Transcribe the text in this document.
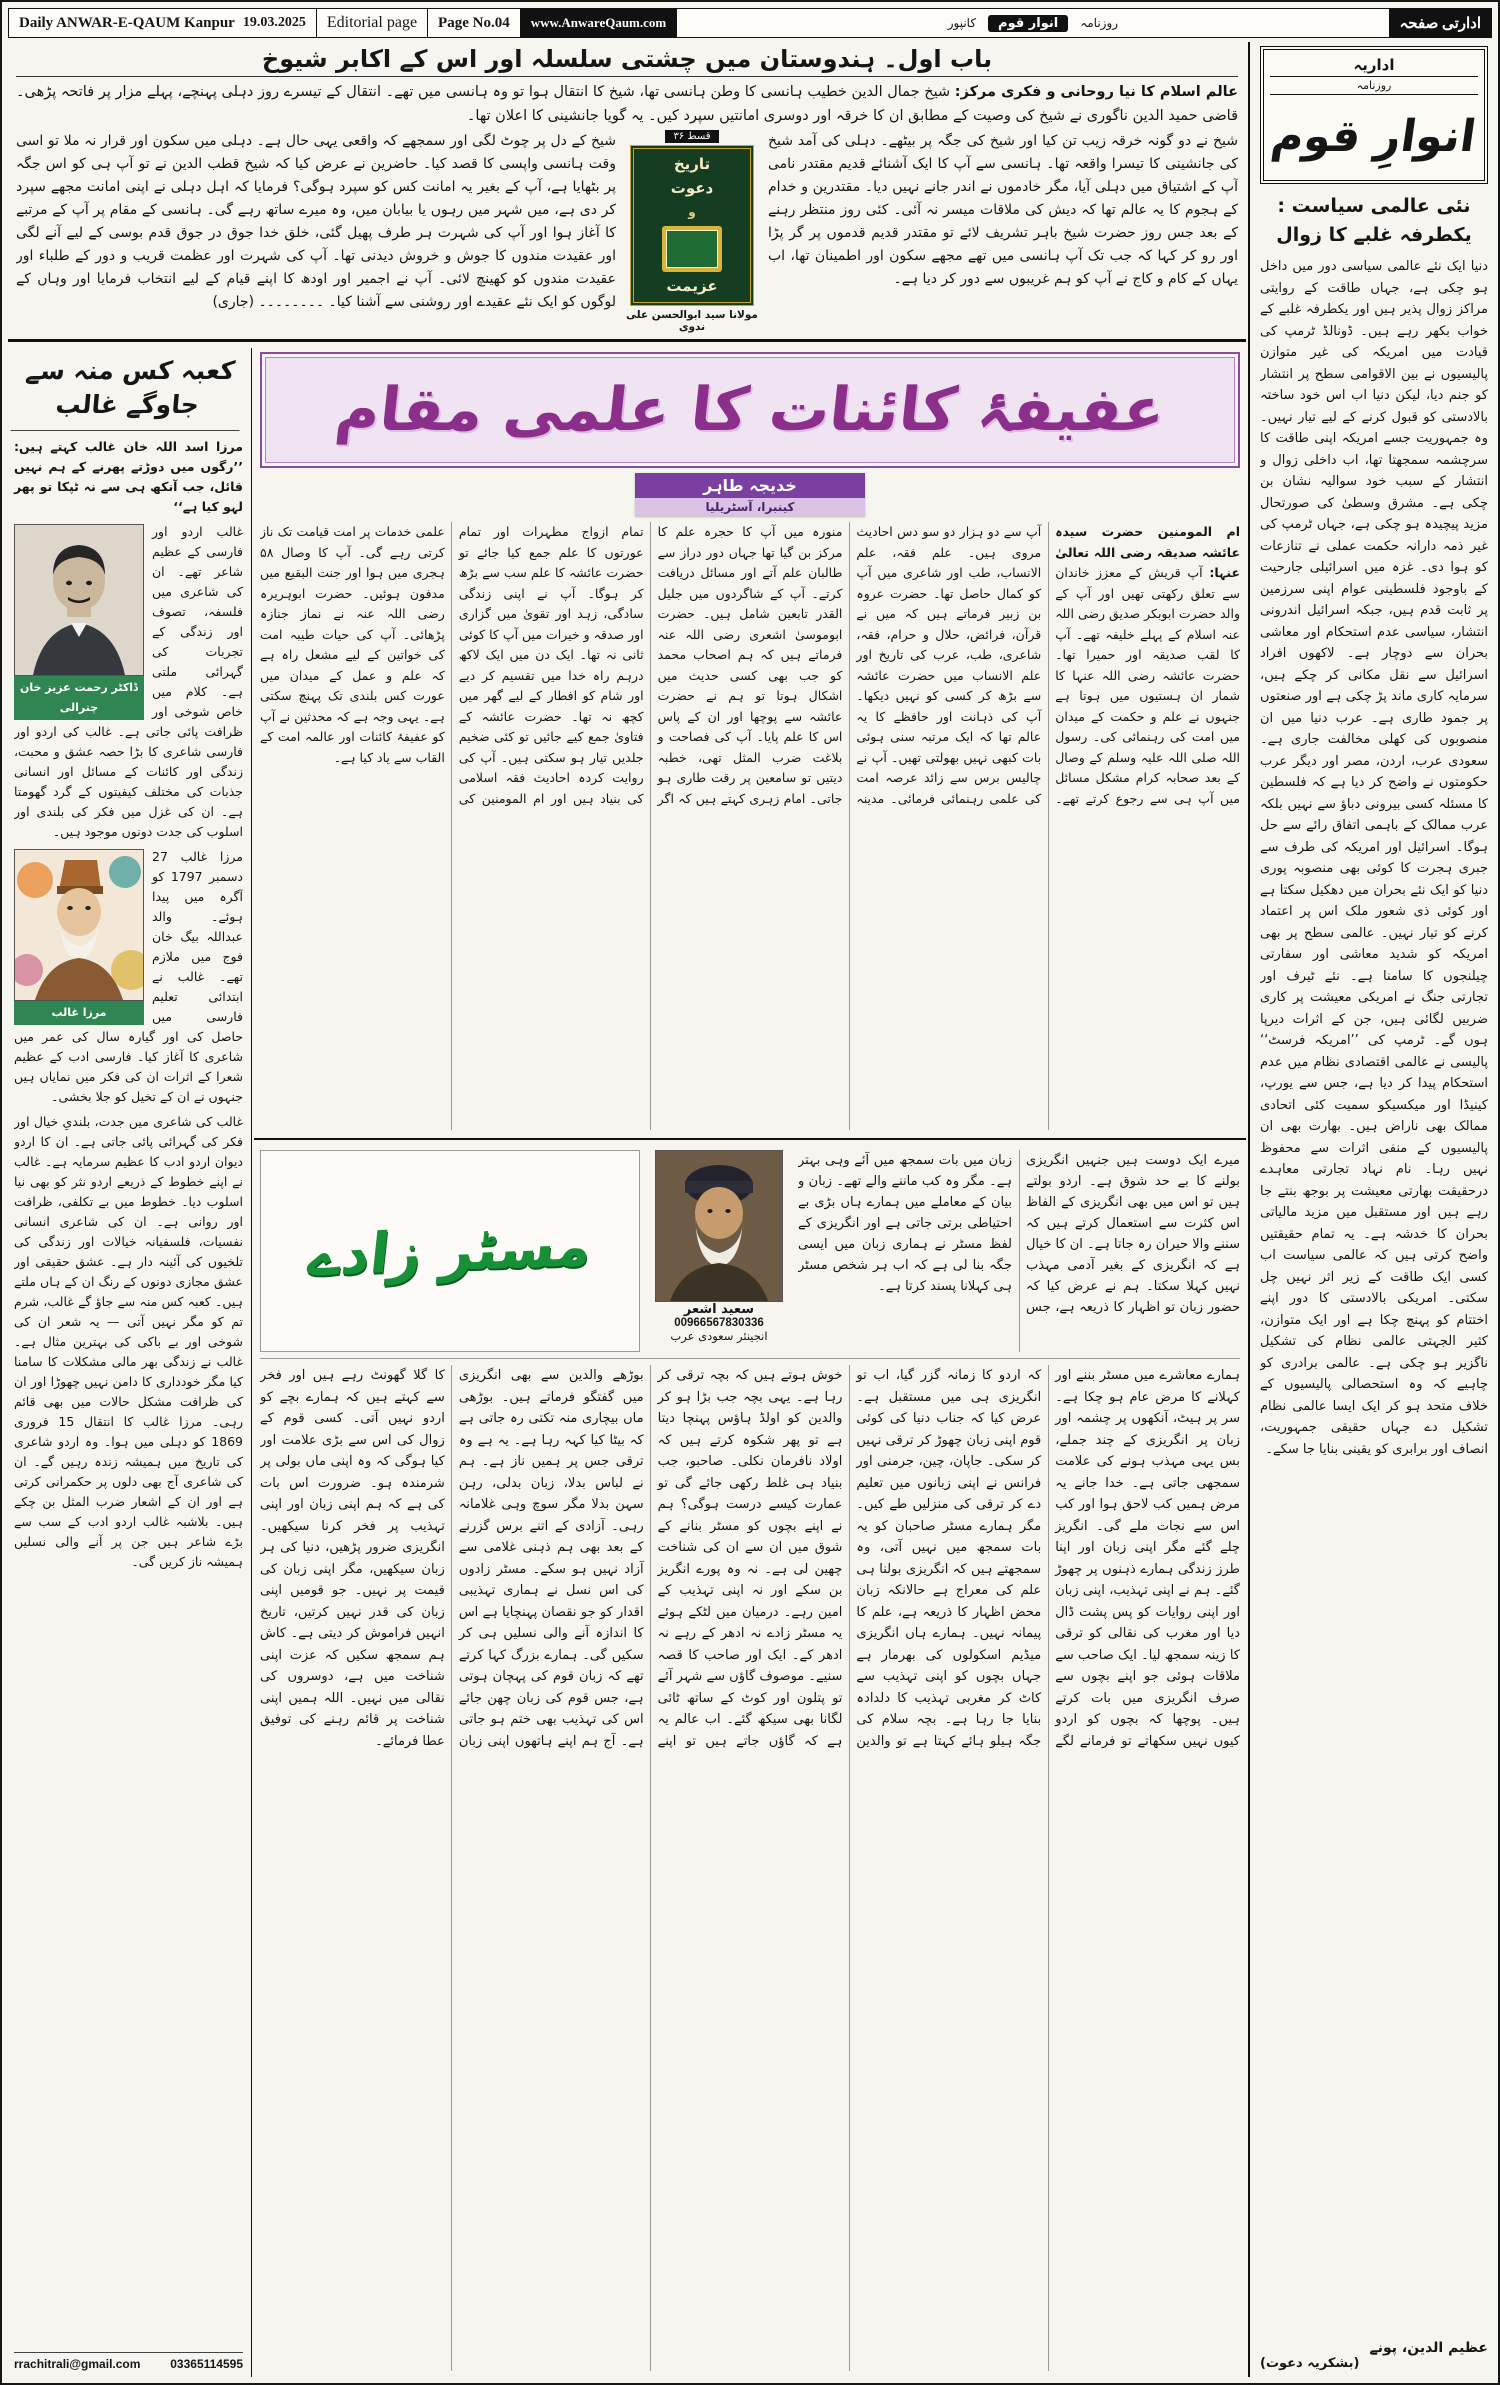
Daily ANWAR-E-QAUM Kanpur 19.03.2025	Editorial page	Page No.04	www.AnwareQaum.com	روزنامہ
انوار قوم
کانپور	ادارتی صفحہ
باب اول۔ ہندوستان میں چشتی سلسلہ اور اس کے اکابر شیوخ

عالم اسلام کا نیا روحانی و فکری مرکز: شیخ جمال الدین خطیب ہانسی کا وطن ہانسی تھا، شیخ کا انتقال ہوا تو وہ ہانسی میں تھے۔ انتقال کے تیسرے روز دہلی پہنچے، پہلے مزار پر فاتحہ پڑھی۔ قاضی حمید الدین ناگوری نے شیخ کی وصیت کے مطابق ان کا خرقہ اور دوسری امانتیں سپرد کیں۔ یہ گویا جانشینی کا اعلان تھا۔

شیخ نے دو گونہ خرقہ زیب تن کیا اور شیخ کی جگہ پر بیٹھے۔ دہلی کی آمد شیخ کی جانشینی کا تیسرا واقعہ تھا۔ ہانسی سے آپ کا ایک آشنائے قدیم مقتدر نامی آپ کے اشتیاق میں دہلی آیا، مگر خادموں نے اندر جانے نہیں دیا۔ مقتدرین و خدام کے ہجوم کا یہ عالم تھا کہ دیش کی ملاقات میسر نہ آئی۔ کئی روز منتظر رہنے کے بعد جس روز حضرت شیخ باہر تشریف لائے تو مقتدر قدیم قدموں پر گر پڑا اور رو کر کہا کہ جب تک آپ ہانسی میں تھے مجھے سکون اور اطمینان تھا، اب یہاں کے کام و کاج نے آپ کو ہم غریبوں سے دور کر دیا ہے۔
قسط ۳۶
تاریخ
دعوت
و
عزیمت
مولانا سید ابوالحسن علی ندوی
شیخ کے دل پر چوٹ لگی اور سمجھے کہ واقعی یہی حال ہے۔ دہلی میں سکون اور قرار نہ ملا تو اسی وقت ہانسی واپسی کا قصد کیا۔ حاضرین نے عرض کیا کہ شیخ قطب الدین نے تو آپ ہی کو اس جگہ پر بٹھایا ہے، آپ کے بغیر یہ امانت کس کو سپرد ہوگی؟ فرمایا کہ اہل دہلی نے اپنی امانت مجھے سپرد کر دی ہے، میں شہر میں رہوں یا بیابان میں، وہ میرے ساتھ رہے گی۔ ہانسی کے مقام پر آپ کے مرتبے کا آغاز ہوا اور آپ کی شہرت ہر طرف پھیل گئی، خلق خدا جوق در جوق قدم بوسی کے لیے آنے لگی اور عقیدت مندوں کا جوش و خروش دیدنی تھا۔ آپ کی شہرت اور عظمت قریب و دور کے طلباء اور عقیدت مندوں کو کھینچ لائی۔ آپ نے اجمیر اور اودھ کا اپنے قیام کے لیے انتخاب فرمایا اور وہاں کے لوگوں کو ایک نئے عقیدے اور روشنی سے آشنا کیا۔ ۔۔۔۔۔۔۔۔ (جاری)
کعبہ کس منہ سے جاوگے غالب

مرزا اسد اللہ خان غالب کہتے ہیں: ’’رگوں میں دوڑتے پھرنے کے ہم نہیں قائل، جب آنکھ ہی سے نہ ٹپکا تو پھر لہو کیا ہے‘‘

ڈاکٹر رحمت عزیز خان چترالی
غالب اردو اور فارسی کے عظیم شاعر تھے۔ ان کی شاعری میں فلسفہ، تصوف اور زندگی کے تجربات کی گہرائی ملتی ہے۔ کلام میں خاص شوخی اور ظرافت پائی جاتی ہے۔ غالب کی اردو اور فارسی شاعری کا بڑا حصہ عشق و محبت، زندگی اور کائنات کے مسائل اور انسانی جذبات کی مختلف کیفیتوں کے گرد گھومتا ہے۔ ان کی غزل میں فکر کی بلندی اور اسلوب کی جدت دونوں موجود ہیں۔
مرزا غالب
مرزا غالب 27 دسمبر 1797 کو آگرہ میں پیدا ہوئے۔ والد عبداللہ بیگ خان فوج میں ملازم تھے۔ غالب نے ابتدائی تعلیم فارسی میں حاصل کی اور گیارہ سال کی عمر میں شاعری کا آغاز کیا۔ فارسی ادب کے عظیم شعرا کے اثرات ان کی فکر میں نمایاں ہیں جنہوں نے ان کے تخیل کو جلا بخشی۔
غالب کی شاعری میں جدت، بلندیِ خیال اور فکر کی گہرائی پائی جاتی ہے۔ ان کا اردو دیوان اردو ادب کا عظیم سرمایہ ہے۔ غالب نے اپنے خطوط کے ذریعے اردو نثر کو بھی نیا اسلوب دیا۔ خطوط میں بے تکلفی، ظرافت اور روانی ہے۔ ان کی شاعری انسانی نفسیات، فلسفیانہ خیالات اور زندگی کی تلخیوں کی آئینہ دار ہے۔ عشق حقیقی اور عشق مجازی دونوں کے رنگ ان کے ہاں ملتے ہیں۔ کعبہ کس منہ سے جاؤ گے غالب، شرم تم کو مگر نہیں آتی — یہ شعر ان کی شوخی اور بے باکی کی بہترین مثال ہے۔ غالب نے زندگی بھر مالی مشکلات کا سامنا کیا مگر خودداری کا دامن نہیں چھوڑا اور ان کی ظرافت مشکل حالات میں بھی قائم رہی۔ مرزا غالب کا انتقال 15 فروری 1869 کو دہلی میں ہوا۔ وہ اردو شاعری کی تاریخ میں ہمیشہ زندہ رہیں گے۔ ان کی شاعری آج بھی دلوں پر حکمرانی کرتی ہے اور ان کے اشعار ضرب المثل بن چکے ہیں۔ بلاشبہ غالب اردو ادب کے سب سے بڑے شاعر ہیں جن پر آنے والی نسلیں ہمیشہ ناز کریں گی۔
rrachitrali@gmail.com 03365114595
عفیفۂ کائنات کا علمی مقام
خدیجہ طاہر
کینبرا، آسٹریلیا
ام المومنین حضرت سیدہ عائشہ صدیقہ رضی اللہ تعالیٰ عنہا: آپ قریش کے معزز خاندان سے تعلق رکھتی تھیں اور آپ کے والد حضرت ابوبکر صدیق رضی اللہ عنہ اسلام کے پہلے خلیفہ تھے۔ آپ کا لقب صدیقہ اور حمیرا تھا۔ حضرت عائشہ رضی اللہ عنہا کا شمار ان ہستیوں میں ہوتا ہے جنہوں نے علم و حکمت کے میدان میں امت کی رہنمائی کی۔ رسول اللہ صلی اللہ علیہ وسلم کے وصال کے بعد صحابہ کرام مشکل مسائل میں آپ ہی سے رجوع کرتے تھے۔ آپ سے دو ہزار دو سو دس احادیث مروی ہیں۔ علم فقہ، علم الانساب، طب اور شاعری میں آپ کو کمال حاصل تھا۔ حضرت عروہ بن زبیر فرماتے ہیں کہ میں نے قرآن، فرائض، حلال و حرام، فقہ، شاعری، طب، عرب کی تاریخ اور علم الانساب میں حضرت عائشہ سے بڑھ کر کسی کو نہیں دیکھا۔ آپ کی ذہانت اور حافظے کا یہ عالم تھا کہ ایک مرتبہ سنی ہوئی بات کبھی نہیں بھولتی تھیں۔ آپ نے چالیس برس سے زائد عرصہ امت کی علمی رہنمائی فرمائی۔ مدینہ منورہ میں آپ کا حجرہ علم کا مرکز بن گیا تھا جہاں دور دراز سے طالبان علم آتے اور مسائل دریافت کرتے۔ آپ کے شاگردوں میں جلیل القدر تابعین شامل ہیں۔ حضرت ابوموسیٰ اشعری رضی اللہ عنہ فرماتے ہیں کہ ہم اصحاب محمد کو جب بھی کسی حدیث میں اشکال ہوتا تو ہم نے حضرت عائشہ سے پوچھا اور ان کے پاس اس کا علم پایا۔ آپ کی فصاحت و بلاغت ضرب المثل تھی، خطبہ دیتیں تو سامعین پر رقت طاری ہو جاتی۔ امام زہری کہتے ہیں کہ اگر تمام ازواج مطہرات اور تمام عورتوں کا علم جمع کیا جائے تو حضرت عائشہ کا علم سب سے بڑھ کر ہوگا۔ آپ نے اپنی زندگی سادگی، زہد اور تقویٰ میں گزاری اور صدقہ و خیرات میں آپ کا کوئی ثانی نہ تھا۔ ایک دن میں ایک لاکھ درہم راہ خدا میں تقسیم کر دیے اور شام کو افطار کے لیے گھر میں کچھ نہ تھا۔ حضرت عائشہ کے فتاویٰ جمع کیے جائیں تو کئی ضخیم جلدیں تیار ہو سکتی ہیں۔ آپ کی روایت کردہ احادیث فقہ اسلامی کی بنیاد ہیں اور ام المومنین کی علمی خدمات پر امت قیامت تک ناز کرتی رہے گی۔ آپ کا وصال ۵۸ ہجری میں ہوا اور جنت البقیع میں مدفون ہوئیں۔ حضرت ابوہریرہ رضی اللہ عنہ نے نماز جنازہ پڑھائی۔ آپ کی حیات طیبہ امت کی خواتین کے لیے مشعل راہ ہے کہ علم و عمل کے میدان میں عورت کس بلندی تک پہنچ سکتی ہے۔ یہی وجہ ہے کہ محدثین نے آپ کو عفیفۂ کائنات اور عالمہ امت کے القاب سے یاد کیا ہے۔
مسٹر زادے
سعید اشعر
00966567830336
انجینئر سعودی عرب
میرے ایک دوست ہیں جنہیں انگریزی بولنے کا بے حد شوق ہے۔ اردو بولتے ہیں تو اس میں بھی انگریزی کے الفاظ اس کثرت سے استعمال کرتے ہیں کہ سننے والا حیران رہ جاتا ہے۔ ان کا خیال ہے کہ انگریزی کے بغیر آدمی مہذب نہیں کہلا سکتا۔ ہم نے عرض کیا کہ حضور زبان تو اظہار کا ذریعہ ہے، جس زبان میں بات سمجھ میں آئے وہی بہتر ہے۔ مگر وہ کب ماننے والے تھے۔ زبان و بیان کے معاملے میں ہمارے ہاں بڑی بے احتیاطی برتی جاتی ہے اور انگریزی کے لفظ مسٹر نے ہماری زبان میں ایسی جگہ بنا لی ہے کہ اب ہر شخص مسٹر ہی کہلانا پسند کرتا ہے۔
ہمارے معاشرے میں مسٹر بننے اور کہلانے کا مرض عام ہو چکا ہے۔ سر پر ہیٹ، آنکھوں پر چشمہ اور زبان پر انگریزی کے چند جملے، بس یہی مہذب ہونے کی علامت سمجھی جاتی ہے۔ خدا جانے یہ مرض ہمیں کب لاحق ہوا اور کب اس سے نجات ملے گی۔ انگریز چلے گئے مگر اپنی زبان اور اپنا طرز زندگی ہمارے ذہنوں پر چھوڑ گئے۔ ہم نے اپنی تہذیب، اپنی زبان اور اپنی روایات کو پس پشت ڈال دیا اور مغرب کی نقالی کو ترقی کا زینہ سمجھ لیا۔ ایک صاحب سے ملاقات ہوئی جو اپنے بچوں سے صرف انگریزی میں بات کرتے ہیں۔ پوچھا کہ بچوں کو اردو کیوں نہیں سکھاتے تو فرمانے لگے کہ اردو کا زمانہ گزر گیا، اب تو انگریزی ہی میں مستقبل ہے۔ عرض کیا کہ جناب دنیا کی کوئی قوم اپنی زبان چھوڑ کر ترقی نہیں کر سکی۔ جاپان، چین، جرمنی اور فرانس نے اپنی زبانوں میں تعلیم دے کر ترقی کی منزلیں طے کیں۔ مگر ہمارے مسٹر صاحبان کو یہ بات سمجھ میں نہیں آتی، وہ سمجھتے ہیں کہ انگریزی بولنا ہی علم کی معراج ہے حالانکہ زبان محض اظہار کا ذریعہ ہے، علم کا پیمانہ نہیں۔ ہمارے ہاں انگریزی میڈیم اسکولوں کی بھرمار ہے جہاں بچوں کو اپنی تہذیب سے کاٹ کر مغربی تہذیب کا دلدادہ بنایا جا رہا ہے۔ بچہ سلام کی جگہ ہیلو ہائے کہتا ہے تو والدین خوش ہوتے ہیں کہ بچہ ترقی کر رہا ہے۔ یہی بچہ جب بڑا ہو کر والدین کو اولڈ ہاؤس پہنچا دیتا ہے تو پھر شکوہ کرتے ہیں کہ اولاد نافرمان نکلی۔ صاحبو، جب بنیاد ہی غلط رکھی جائے گی تو عمارت کیسے درست ہوگی؟ ہم نے اپنے بچوں کو مسٹر بنانے کے شوق میں ان سے ان کی شناخت چھین لی ہے۔ نہ وہ پورے انگریز بن سکے اور نہ اپنی تہذیب کے امین رہے۔ درمیان میں لٹکے ہوئے یہ مسٹر زادے نہ ادھر کے رہے نہ ادھر کے۔ ایک اور صاحب کا قصہ سنیے۔ موصوف گاؤں سے شہر آئے تو پتلون اور کوٹ کے ساتھ ٹائی لگانا بھی سیکھ گئے۔ اب عالم یہ ہے کہ گاؤں جاتے ہیں تو اپنے بوڑھے والدین سے بھی انگریزی میں گفتگو فرماتے ہیں۔ بوڑھی ماں بیچاری منہ تکتی رہ جاتی ہے کہ بیٹا کیا کہہ رہا ہے۔ یہ ہے وہ ترقی جس پر ہمیں ناز ہے۔ ہم نے لباس بدلا، زبان بدلی، رہن سہن بدلا مگر سوچ وہی غلامانہ رہی۔ آزادی کے اتنے برس گزرنے کے بعد بھی ہم ذہنی غلامی سے آزاد نہیں ہو سکے۔ مسٹر زادوں کی اس نسل نے ہماری تہذیبی اقدار کو جو نقصان پہنچایا ہے اس کا اندازہ آنے والی نسلیں ہی کر سکیں گی۔ ہمارے بزرگ کہا کرتے تھے کہ زبان قوم کی پہچان ہوتی ہے، جس قوم کی زبان چھن جائے اس کی تہذیب بھی ختم ہو جاتی ہے۔ آج ہم اپنے ہاتھوں اپنی زبان کا گلا گھونٹ رہے ہیں اور فخر سے کہتے ہیں کہ ہمارے بچے کو اردو نہیں آتی۔ کسی قوم کے زوال کی اس سے بڑی علامت اور کیا ہوگی کہ وہ اپنی ماں بولی پر شرمندہ ہو۔ ضرورت اس بات کی ہے کہ ہم اپنی زبان اور اپنی تہذیب پر فخر کرنا سیکھیں۔ انگریزی ضرور پڑھیں، دنیا کی ہر زبان سیکھیں، مگر اپنی زبان کی قیمت پر نہیں۔ جو قومیں اپنی زبان کی قدر نہیں کرتیں، تاریخ انہیں فراموش کر دیتی ہے۔ کاش ہم سمجھ سکیں کہ عزت اپنی شناخت میں ہے، دوسروں کی نقالی میں نہیں۔ اللہ ہمیں اپنی شناخت پر قائم رہنے کی توفیق عطا فرمائے۔
اداریہ
روزنامہ
انوارِ قوم
نئی عالمی سیاست : یکطرفہ غلبے کا زوال
دنیا ایک نئے عالمی سیاسی دور میں داخل ہو چکی ہے، جہاں طاقت کے روایتی مراکز زوال پذیر ہیں اور یکطرفہ غلبے کے خواب بکھر رہے ہیں۔ ڈونالڈ ٹرمپ کی قیادت میں امریکہ کی غیر متوازن پالیسیوں نے بین الاقوامی سطح پر انتشار کو جنم دیا، لیکن دنیا اب اس خود ساختہ بالادستی کو قبول کرنے کے لیے تیار نہیں۔ وہ جمہوریت جسے امریکہ اپنی طاقت کا سرچشمہ سمجھتا تھا، اب داخلی زوال و انتشار کے سبب خود سوالیہ نشان بن چکی ہے۔ مشرق وسطیٰ کی صورتحال مزید پیچیدہ ہو چکی ہے، جہاں ٹرمپ کی غیر ذمہ دارانہ حکمت عملی نے تنازعات کو ہوا دی۔ غزہ میں اسرائیلی جارحیت کے باوجود فلسطینی عوام اپنی سرزمین پر ثابت قدم ہیں، جبکہ اسرائیل اندرونی انتشار، سیاسی عدم استحکام اور معاشی بحران سے دوچار ہے۔ لاکھوں افراد اسرائیل سے نقل مکانی کر چکے ہیں، سرمایہ کاری ماند پڑ چکی ہے اور صنعتوں پر جمود طاری ہے۔ عرب دنیا میں ان منصوبوں کی کھلی مخالفت جاری ہے۔ سعودی عرب، اردن، مصر اور دیگر عرب حکومتوں نے واضح کر دیا ہے کہ فلسطین کا مسئلہ کسی بیرونی دباؤ سے نہیں بلکہ عرب ممالک کے باہمی اتفاق رائے سے حل ہوگا۔ اسرائیل اور امریکہ کی طرف سے جبری ہجرت کا کوئی بھی منصوبہ پوری دنیا کو ایک نئے بحران میں دھکیل سکتا ہے اور کوئی ذی شعور ملک اس پر اعتماد کرنے کو تیار نہیں۔ عالمی سطح پر بھی امریکہ کو شدید معاشی اور سفارتی چیلنجوں کا سامنا ہے۔ نئے ٹیرف اور تجارتی جنگ نے امریکی معیشت پر کاری ضربیں لگائی ہیں، جن کے اثرات دیرپا ہوں گے۔ ٹرمپ کی ’’امریکہ فرسٹ‘‘ پالیسی نے عالمی اقتصادی نظام میں عدم استحکام پیدا کر دیا ہے، جس سے یورپ، کینیڈا اور میکسیکو سمیت کئی اتحادی ممالک بھی ناراض ہیں۔ بھارت بھی ان پالیسیوں کے منفی اثرات سے محفوظ نہیں رہا۔ نام نہاد تجارتی معاہدے درحقیقت بھارتی معیشت پر بوجھ بنتے جا رہے ہیں اور مستقبل میں مزید مالیاتی بحران کا خدشہ ہے۔ یہ تمام حقیقتیں واضح کرتی ہیں کہ عالمی سیاست اب کسی ایک طاقت کے زیر اثر نہیں چل سکتی۔ امریکی بالادستی کا دور اپنے اختتام کو پہنچ چکا ہے اور ایک متوازن، کثیر الجہتی عالمی نظام کی تشکیل ناگزیر ہو چکی ہے۔ عالمی برادری کو چاہیے کہ وہ استحصالی پالیسیوں کے خلاف متحد ہو کر ایک ایسا عالمی نظام تشکیل دے جہاں حقیقی جمہوریت، انصاف اور برابری کو یقینی بنایا جا سکے۔
عظیم الدین، پونے
(بشکریہ دعوت)
